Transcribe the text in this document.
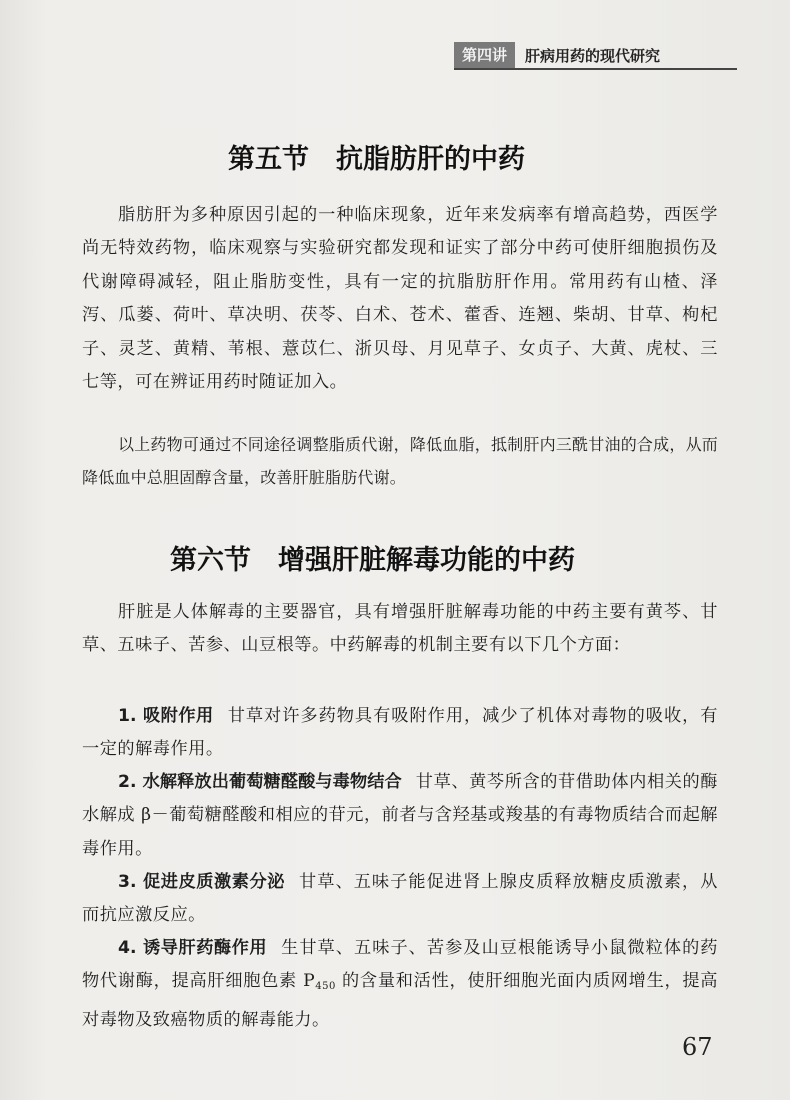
第四讲	肝病用药的现代研究
第五节　抗脂肪肝的中药

脂肪肝为多种原因引起的一种临床现象，近年来发病率有增高趋势，西医学尚无特效药物，临床观察与实验研究都发现和证实了部分中药可使肝细胞损伤及代谢障碍减轻，阻止脂肪变性，具有一定的抗脂肪肝作用。常用药有山楂、泽泻、瓜蒌、荷叶、草决明、茯苓、白术、苍术、藿香、连翘、柴胡、甘草、枸杞子、灵芝、黄精、苇根、薏苡仁、浙贝母、月见草子、女贞子、大黄、虎杖、三七等，可在辨证用药时随证加入。

以上药物可通过不同途径调整脂质代谢，降低血脂，抵制肝内三酰甘油的合成，从而降低血中总胆固醇含量，改善肝脏脂肪代谢。

第六节　增强肝脏解毒功能的中药

肝脏是人体解毒的主要器官，具有增强肝脏解毒功能的中药主要有黄芩、甘草、五味子、苦参、山豆根等。中药解毒的机制主要有以下几个方面：

1. 吸附作用 甘草对许多药物具有吸附作用，减少了机体对毒物的吸收，有一定的解毒作用。

2. 水解释放出葡萄糖醛酸与毒物结合 甘草、黄芩所含的苷借助体内相关的酶水解成 β－葡萄糖醛酸和相应的苷元，前者与含羟基或羧基的有毒物质结合而起解毒作用。

3. 促进皮质激素分泌 甘草、五味子能促进肾上腺皮质释放糖皮质激素，从而抗应激反应。

4. 诱导肝药酶作用 生甘草、五味子、苦参及山豆根能诱导小鼠微粒体的药物代谢酶，提高肝细胞色素 $P_{450}$ 的含量和活性，使肝细胞光面内质网增生，提高对毒物及致癌物质的解毒能力。

67
